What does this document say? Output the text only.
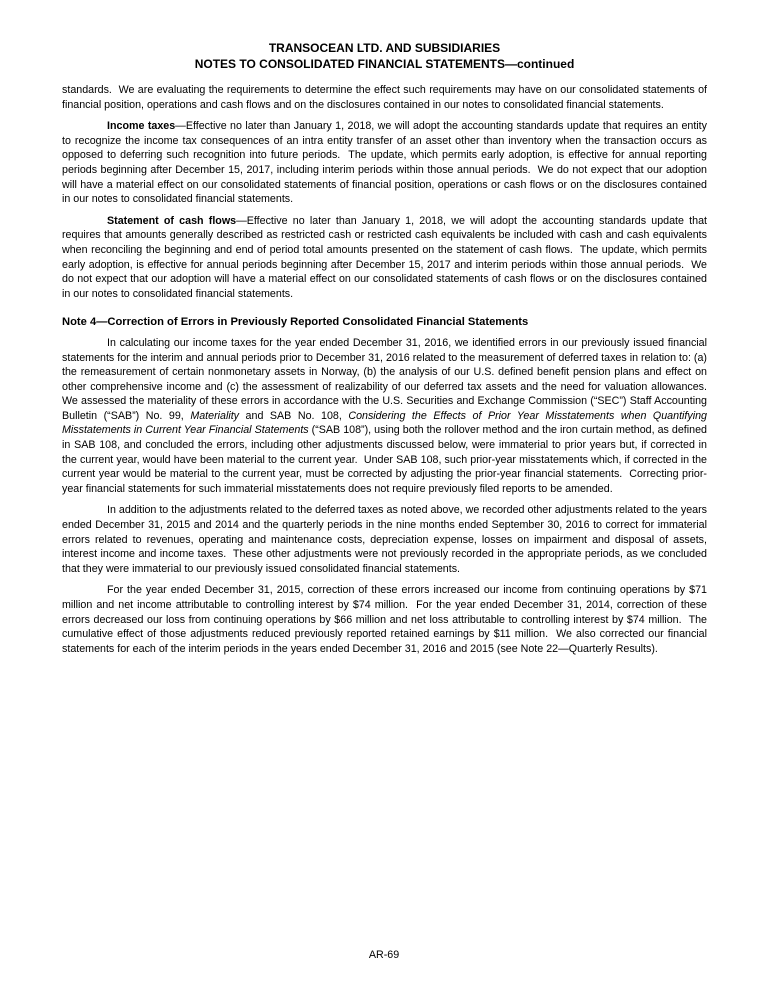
TRANSOCEAN LTD. AND SUBSIDIARIES
NOTES TO CONSOLIDATED FINANCIAL STATEMENTS—continued
standards.  We are evaluating the requirements to determine the effect such requirements may have on our consolidated statements of financial position, operations and cash flows and on the disclosures contained in our notes to consolidated financial statements.
Income taxes—Effective no later than January 1, 2018, we will adopt the accounting standards update that requires an entity to recognize the income tax consequences of an intra entity transfer of an asset other than inventory when the transaction occurs as opposed to deferring such recognition into future periods.  The update, which permits early adoption, is effective for annual reporting periods beginning after December 15, 2017, including interim periods within those annual periods.  We do not expect that our adoption will have a material effect on our consolidated statements of financial position, operations or cash flows or on the disclosures contained in our notes to consolidated financial statements.
Statement of cash flows—Effective no later than January 1, 2018, we will adopt the accounting standards update that requires that amounts generally described as restricted cash or restricted cash equivalents be included with cash and cash equivalents when reconciling the beginning and end of period total amounts presented on the statement of cash flows.  The update, which permits early adoption, is effective for annual periods beginning after December 15, 2017 and interim periods within those annual periods.  We do not expect that our adoption will have a material effect on our consolidated statements of cash flows or on the disclosures contained in our notes to consolidated financial statements.
Note 4—Correction of Errors in Previously Reported Consolidated Financial Statements
In calculating our income taxes for the year ended December 31, 2016, we identified errors in our previously issued financial statements for the interim and annual periods prior to December 31, 2016 related to the measurement of deferred taxes in relation to: (a) the remeasurement of certain nonmonetary assets in Norway, (b) the analysis of our U.S. defined benefit pension plans and effect on other comprehensive income and (c) the assessment of realizability of our deferred tax assets and the need for valuation allowances.  We assessed the materiality of these errors in accordance with the U.S. Securities and Exchange Commission (“SEC”) Staff Accounting Bulletin (“SAB”) No. 99, Materiality and SAB No. 108, Considering the Effects of Prior Year Misstatements when Quantifying Misstatements in Current Year Financial Statements (“SAB 108”), using both the rollover method and the iron curtain method, as defined in SAB 108, and concluded the errors, including other adjustments discussed below, were immaterial to prior years but, if corrected in the current year, would have been material to the current year.  Under SAB 108, such prior-year misstatements which, if corrected in the current year would be material to the current year, must be corrected by adjusting the prior-year financial statements.  Correcting prior-year financial statements for such immaterial misstatements does not require previously filed reports to be amended.
In addition to the adjustments related to the deferred taxes as noted above, we recorded other adjustments related to the years ended December 31, 2015 and 2014 and the quarterly periods in the nine months ended September 30, 2016 to correct for immaterial errors related to revenues, operating and maintenance costs, depreciation expense, losses on impairment and disposal of assets, interest income and income taxes.  These other adjustments were not previously recorded in the appropriate periods, as we concluded that they were immaterial to our previously issued consolidated financial statements.
For the year ended December 31, 2015, correction of these errors increased our income from continuing operations by $71 million and net income attributable to controlling interest by $74 million.  For the year ended December 31, 2014, correction of these errors decreased our loss from continuing operations by $66 million and net loss attributable to controlling interest by $74 million.  The cumulative effect of those adjustments reduced previously reported retained earnings by $11 million.  We also corrected our financial statements for each of the interim periods in the years ended December 31, 2016 and 2015 (see Note 22—Quarterly Results).
AR-69
